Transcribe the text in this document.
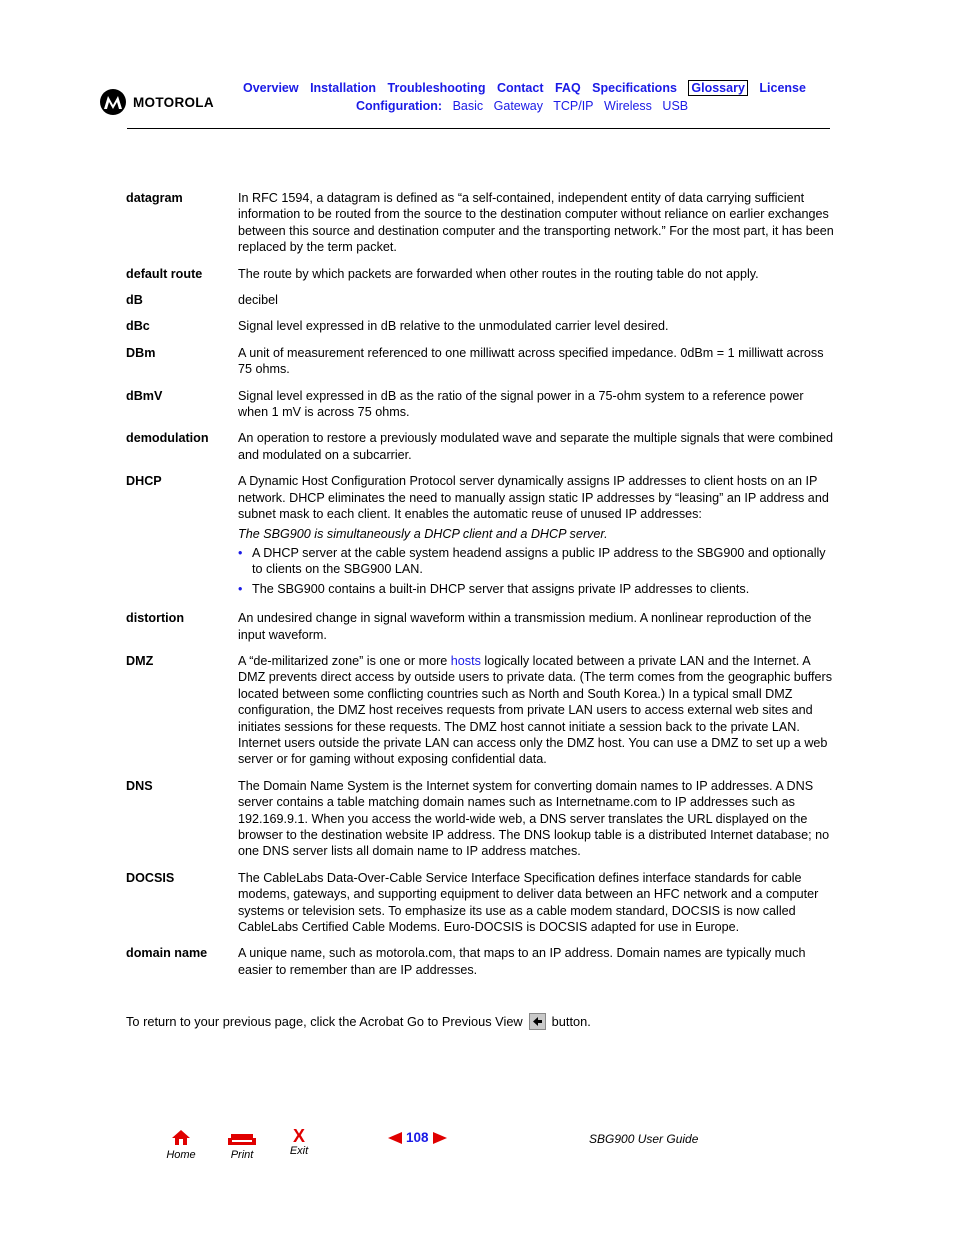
MOTOROLA
Overview Installation Troubleshooting Contact FAQ Specifications Glossary License
Configuration: Basic Gateway TCP/IP Wireless USB
datagram	In RFC 1594, a datagram is defined as “a self-contained, independent entity of data carrying sufficient information to be routed from the source to the destination computer without reliance on earlier exchanges between this source and destination computer and the transporting network.” For the most part, it has been replaced by the term packet.
default route	The route by which packets are forwarded when other routes in the routing table do not apply.
dB	decibel
dBc	Signal level expressed in dB relative to the unmodulated carrier level desired.
DBm	A unit of measurement referenced to one milliwatt across specified impedance. 0dBm = 1 milliwatt across 75 ohms.
dBmV	Signal level expressed in dB as the ratio of the signal power in a 75-ohm system to a reference power when 1 mV is across 75 ohms.
demodulation	An operation to restore a previously modulated wave and separate the multiple signals that were combined and modulated on a subcarrier.
DHCP	A Dynamic Host Configuration Protocol server dynamically assigns IP addresses to client hosts on an IP network. DHCP eliminates the need to manually assign static IP addresses by “leasing” an IP address and subnet mask to each client. It enables the automatic reuse of unused IP addresses:

The SBG900 is simultaneously a DHCP client and a DHCP server.

• A DHCP server at the cable system headend assigns a public IP address to the SBG900 and optionally to clients on the SBG900 LAN.
• The SBG900 contains a built-in DHCP server that assigns private IP addresses to clients.
distortion	An undesired change in signal waveform within a transmission medium. A nonlinear reproduction of the input waveform.
DMZ	A “de-militarized zone” is one or more hosts logically located between a private LAN and the Internet. A DMZ prevents direct access by outside users to private data. (The term comes from the geographic buffers located between some conflicting countries such as North and South Korea.) In a typical small DMZ configuration, the DMZ host receives requests from private LAN users to access external web sites and initiates sessions for these requests. The DMZ host cannot initiate a session back to the private LAN. Internet users outside the private LAN can access only the DMZ host. You can use a DMZ to set up a web server or for gaming without exposing confidential data.
DNS	The Domain Name System is the Internet system for converting domain names to IP addresses. A DNS server contains a table matching domain names such as Internetname.com to IP addresses such as 192.169.9.1. When you access the world-wide web, a DNS server translates the URL displayed on the browser to the destination website IP address. The DNS lookup table is a distributed Internet database; no one DNS server lists all domain name to IP address matches.
DOCSIS	The CableLabs Data-Over-Cable Service Interface Specification defines interface standards for cable modems, gateways, and supporting equipment to deliver data between an HFC network and a computer systems or television sets. To emphasize its use as a cable modem standard, DOCSIS is now called CableLabs Certified Cable Modems. Euro-DOCSIS is DOCSIS adapted for use in Europe.
domain name	A unique name, such as motorola.com, that maps to an IP address. Domain names are typically much easier to remember than are IP addresses.
To return to your previous page, click the Acrobat Go to Previous View button.
Home	Print
X
Exit
108	SBG900 User Guide
